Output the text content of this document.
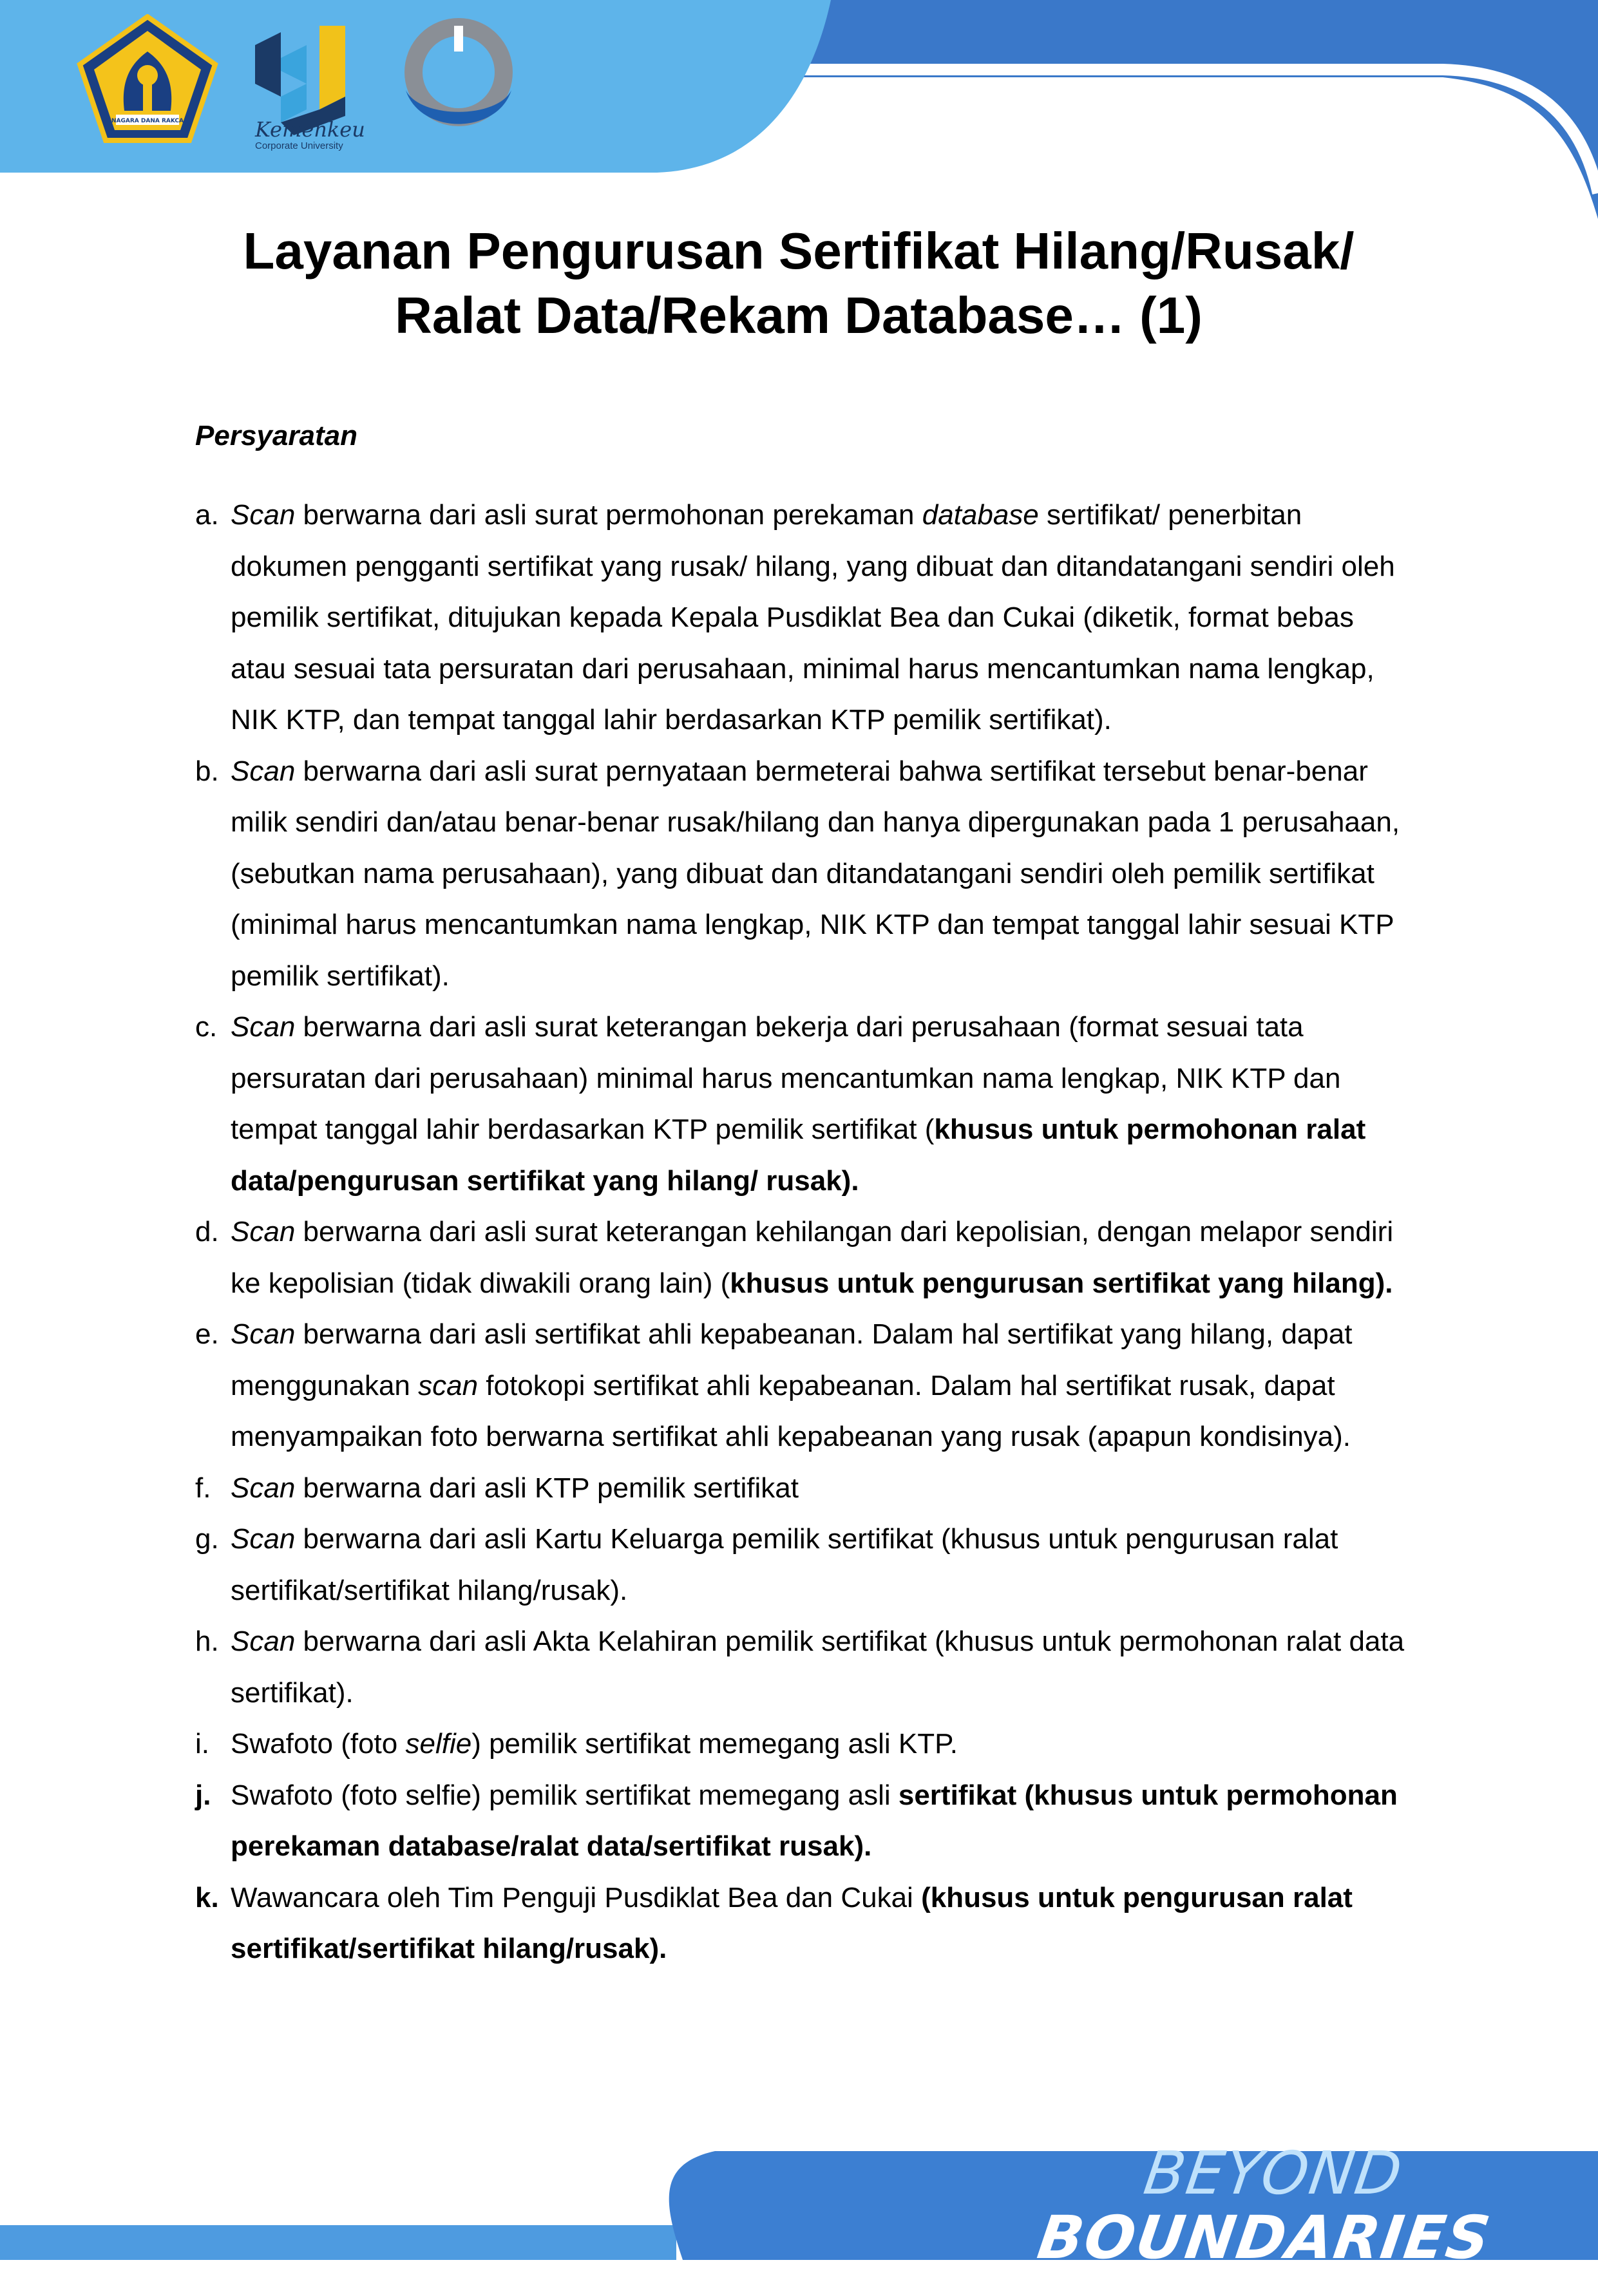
NAGARA DANA RAKCA	Kemenkeu
Corporate University
Layanan Pengurusan Sertifikat Hilang/Rusak/
Ralat Data/Rekam Database… (1)
Persyaratan
a. Scan berwarna dari asli surat permohonan perekaman database sertifikat/ penerbitan dokumen pengganti sertifikat yang rusak/ hilang, yang dibuat dan ditandatangani sendiri oleh pemilik sertifikat, ditujukan kepada Kepala Pusdiklat Bea dan Cukai (diketik, format bebas atau sesuai tata persuratan dari perusahaan, minimal harus mencantumkan nama lengkap, NIK KTP, dan tempat tanggal lahir berdasarkan KTP pemilik sertifikat).
b. Scan berwarna dari asli surat pernyataan bermeterai bahwa sertifikat tersebut benar-benar milik sendiri dan/atau benar-benar rusak/hilang dan hanya dipergunakan pada 1 perusahaan, (sebutkan nama perusahaan), yang dibuat dan ditandatangani sendiri oleh pemilik sertifikat (minimal harus mencantumkan nama lengkap, NIK KTP dan tempat tanggal lahir sesuai KTP pemilik sertifikat).
c. Scan berwarna dari asli surat keterangan bekerja dari perusahaan (format sesuai tata persuratan dari perusahaan) minimal harus mencantumkan nama lengkap, NIK KTP dan tempat tanggal lahir berdasarkan KTP pemilik sertifikat (khusus untuk permohonan ralat data/pengurusan sertifikat yang hilang/ rusak).
d. Scan berwarna dari asli surat keterangan kehilangan dari kepolisian, dengan melapor sendiri ke kepolisian (tidak diwakili orang lain) (khusus untuk pengurusan sertifikat yang hilang).
e. Scan berwarna dari asli sertifikat ahli kepabeanan. Dalam hal sertifikat yang hilang, dapat menggunakan scan fotokopi sertifikat ahli kepabeanan. Dalam hal sertifikat rusak, dapat menyampaikan foto berwarna sertifikat ahli kepabeanan yang rusak (apapun kondisinya).
f. Scan berwarna dari asli KTP pemilik sertifikat
g. Scan berwarna dari asli Kartu Keluarga pemilik sertifikat (khusus untuk pengurusan ralat sertifikat/sertifikat hilang/rusak).
h. Scan berwarna dari asli Akta Kelahiran pemilik sertifikat (khusus untuk permohonan ralat data sertifikat).
i. Swafoto (foto selfie) pemilik sertifikat memegang asli KTP.
j. Swafoto (foto selfie) pemilik sertifikat memegang asli sertifikat (khusus untuk permohonan perekaman database/ralat data/sertifikat rusak).
k. Wawancara oleh Tim Penguji Pusdiklat Bea dan Cukai (khusus untuk pengurusan ralat sertifikat/sertifikat hilang/rusak).
BEYOND BOUNDARIES
Menembus Batas, Melampaui Ekspektasi Untuk Negeri
